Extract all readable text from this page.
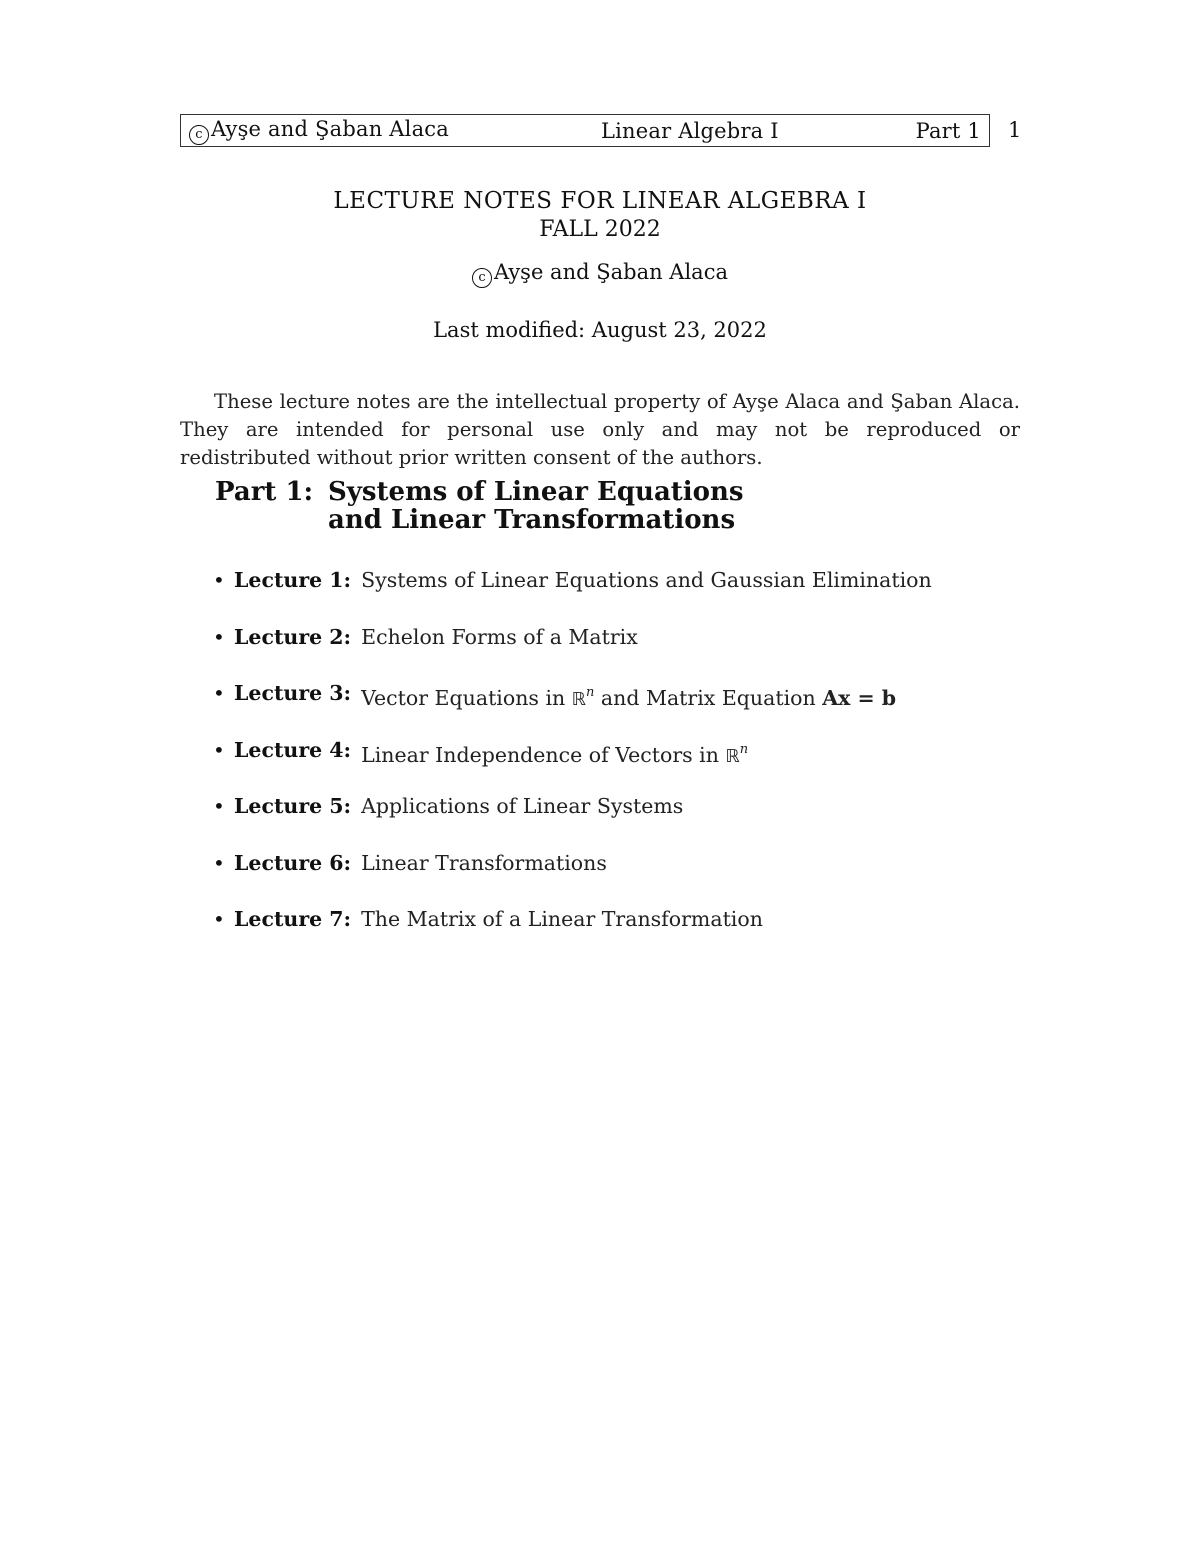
c Ayşe and Şaban Alaca	Linear Algebra I	Part 1 1
LECTURE NOTES FOR LINEAR ALGEBRA I
FALL 2022
c Ayşe and Şaban Alaca
Last modified: August 23, 2022

These lecture notes are the intellectual property of Ayşe Alaca and Şaban Alaca. They are intended for personal use only and may not be reproduced or redistributed without prior written consent of the authors.

Part 1: Systems of Linear Equations
and Linear Transformations
• Lecture 1: Systems of Linear Equations and Gaussian Elimination
• Lecture 2: Echelon Forms of a Matrix
• Lecture 3: Vector Equations in ℝ$^n$ and Matrix Equation Ax = b
• Lecture 4: Linear Independence of Vectors in ℝ$^n$
• Lecture 5: Applications of Linear Systems
• Lecture 6: Linear Transformations
• Lecture 7: The Matrix of a Linear Transformation
